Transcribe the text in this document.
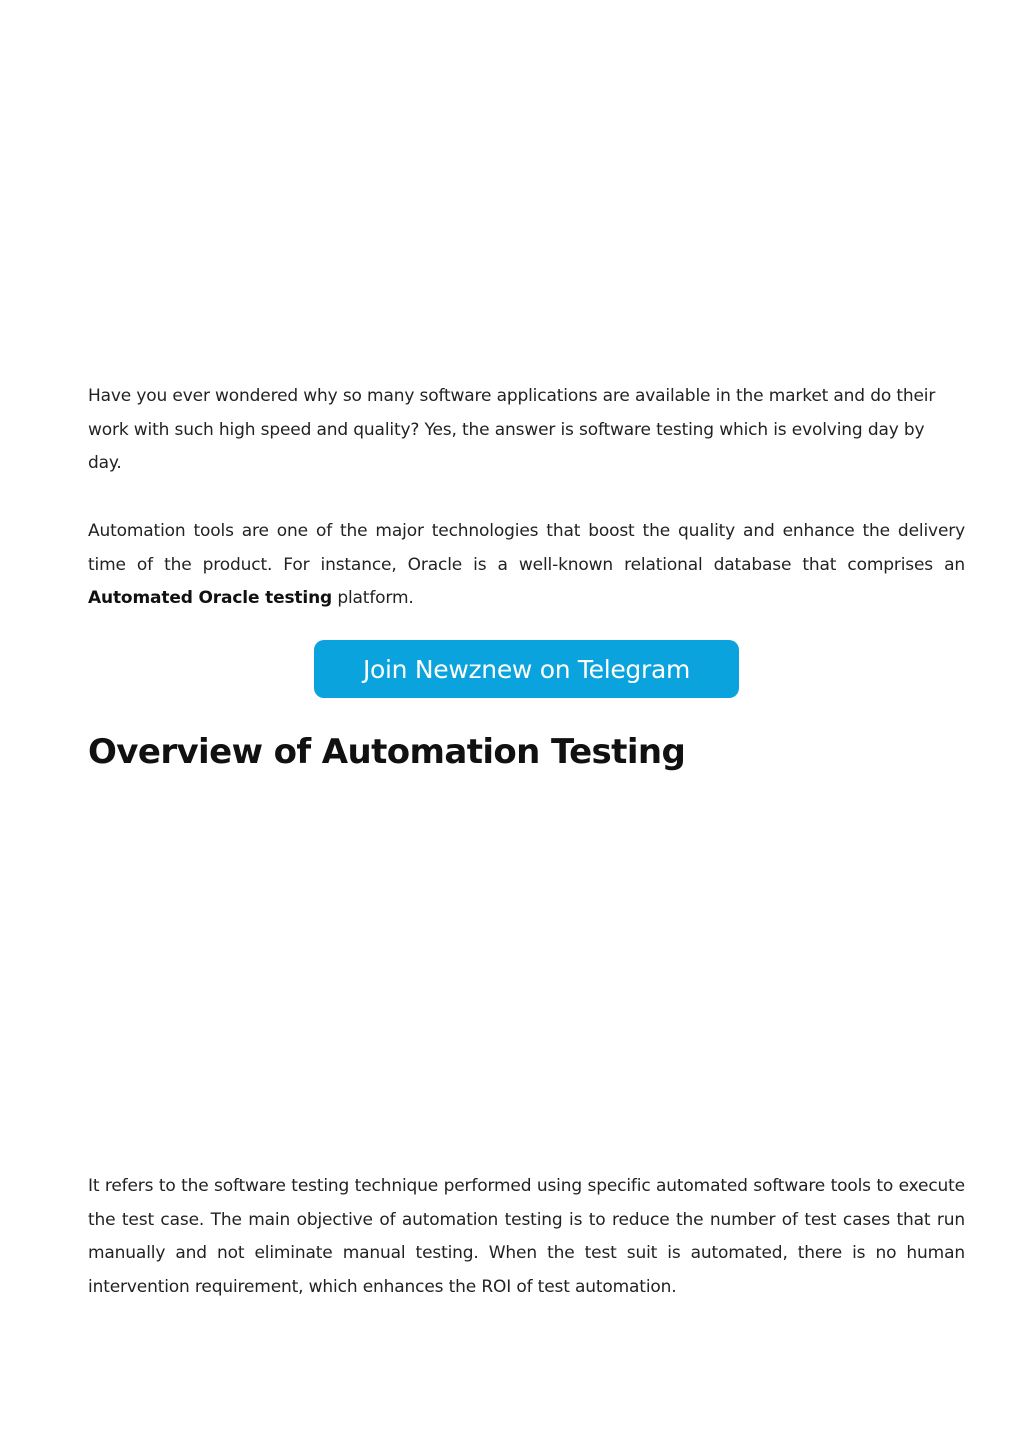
Have you ever wondered why so many software applications are available in the market and do their work with such high speed and quality? Yes, the answer is software testing which is evolving day by day.

Automation tools are one of the major technologies that boost the quality and enhance the delivery time of the product. For instance, Oracle is a well-known relational database that comprises an Automated Oracle testing platform.

Join Newznew on Telegram
Overview of Automation Testing

It refers to the software testing technique performed using specific automated software tools to execute the test case. The main objective of automation testing is to reduce the number of test cases that run manually and not eliminate manual testing. When the test suit is automated, there is no human intervention requirement, which enhances the ROI of test automation.
